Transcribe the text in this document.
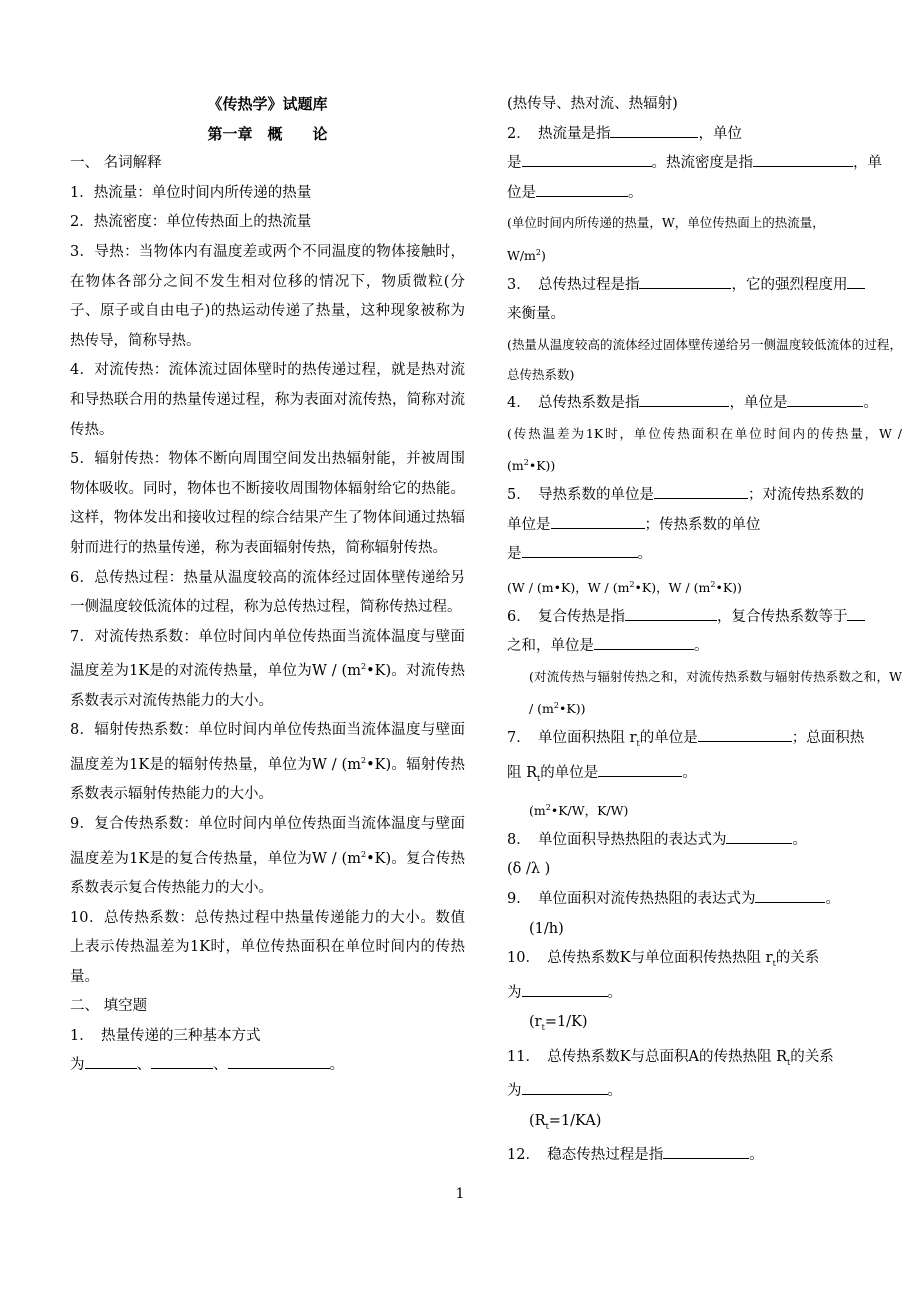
《传热学》试题库

第一章　概　　论

一、 名词解释

1．热流量：单位时间内所传递的热量

2．热流密度：单位传热面上的热流量

3．导热：当物体内有温度差或两个不同温度的物体接触时，在物体各部分之间不发生相对位移的情况下，物质微粒(分子、原子或自由电子)的热运动传递了热量，这种现象被称为热传导，简称导热。

4．对流传热：流体流过固体壁时的热传递过程，就是热对流和导热联合用的热量传递过程，称为表面对流传热，简称对流传热。

5．辐射传热：物体不断向周围空间发出热辐射能，并被周围物体吸收。同时，物体也不断接收周围物体辐射给它的热能。这样，物体发出和接收过程的综合结果产生了物体间通过热辐射而进行的热量传递，称为表面辐射传热，简称辐射传热。

6．总传热过程：热量从温度较高的流体经过固体壁传递给另一侧温度较低流体的过程，称为总传热过程，简称传热过程。

7．对流传热系数：单位时间内单位传热面当流体温度与壁面温度差为1K是的对流传热量，单位为W / $(m^2•K)$。对流传热系数表示对流传热能力的大小。

8．辐射传热系数：单位时间内单位传热面当流体温度与壁面温度差为1K是的辐射传热量，单位为W / $(m^2•K)$。辐射传热系数表示辐射传热能力的大小。

9．复合传热系数：单位时间内单位传热面当流体温度与壁面温度差为1K是的复合传热量，单位为W / $(m^2•K)$。复合传热系数表示复合传热能力的大小。

10．总传热系数：总传热过程中热量传递能力的大小。数值上表示传热温差为1K时，单位传热面积在单位时间内的传热量。

二、 填空题

1．　热量传递的三种基本方式

为	、	、	。

(热传导、热对流、热辐射)

2．　热流量是指	，单位

是	。热流密度是指	，单

位是	。

(单位时间内所传递的热量，W，单位传热面上的热流量，

$W/m^2$)

3．　总传热过程是指	，它的强烈程度用

来衡量。

(热量从温度较高的流体经过固体壁传递给另一侧温度较低流体的过程，总传热系数)

4．　总传热系数是指	，单位是	。

(传热温差为1K时，单位传热面积在单位时间内的传热量，W / $(m^2•K)$)

5．　导热系数的单位是	；对流传热系数的

单位是	；传热系数的单位

是	。

(W / (m•K)，W / $(m^2•K)$，W / $(m^2•K)$)

6．　复合传热是指	，复合传热系数等于

之和，单位是	。

(对流传热与辐射传热之和，对流传热系数与辐射传热系数之和，W / $(m^2•K)$)

7．　单位面积热阻 $r_t$的单位是	；总面积热

阻 $R_t$的单位是	。

($m^2•K/W$，K/W)

8．　单位面积导热热阻的表达式为	。

(δ /λ )

9．　单位面积对流传热热阻的表达式为	。

(1/h)

10．　总传热系数K与单位面积传热热阻 $r_t$的关系

为	。

$(r_t=1/K)$

11．　总传热系数K与总面积A的传热热阻 $R_t$的关系

为	。

$(R_t=1/KA)$

12．　稳态传热过程是指	。

1
